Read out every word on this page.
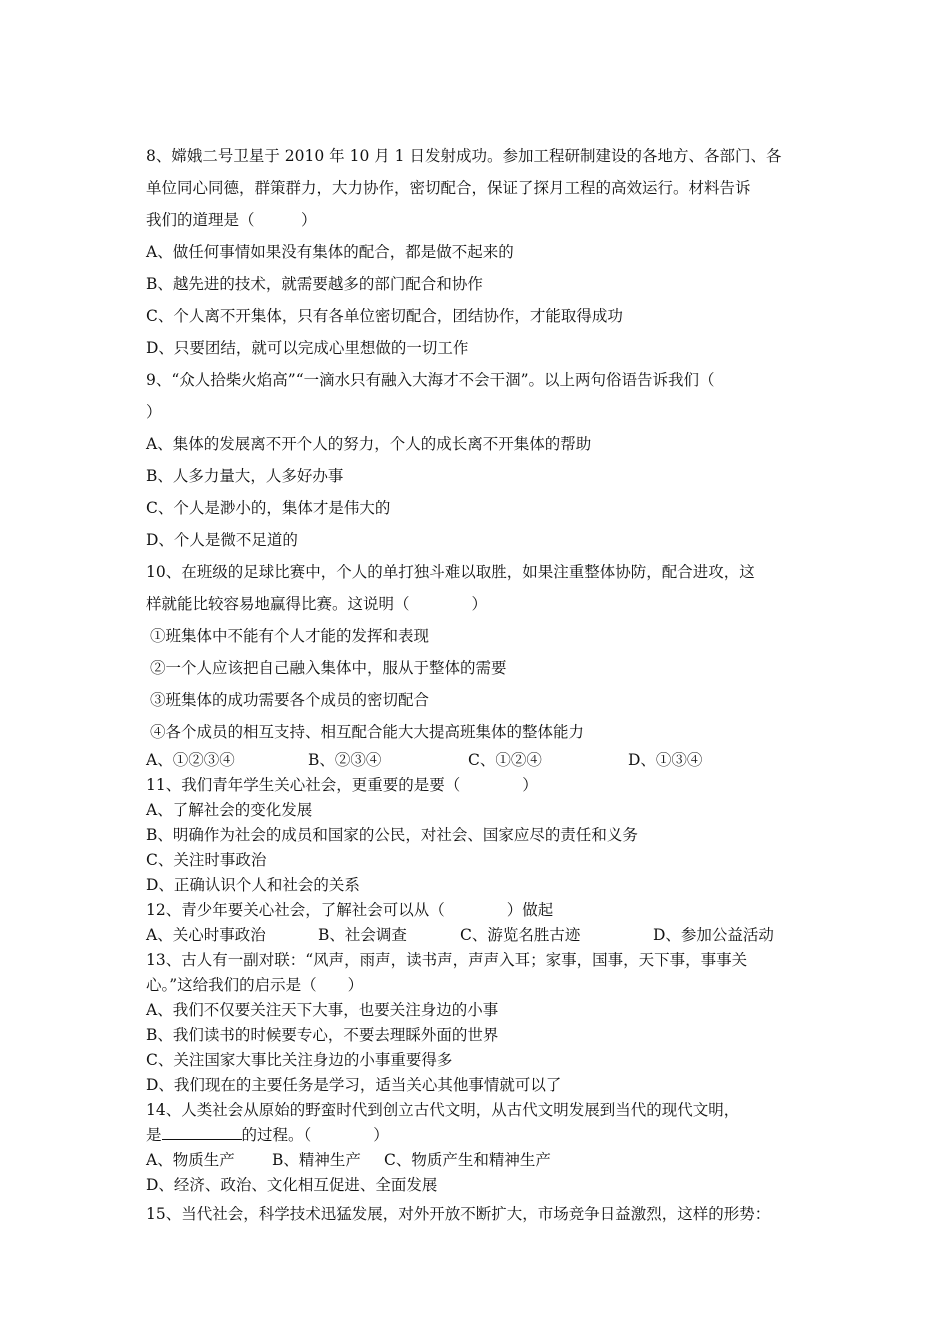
8、嫦娥二号卫星于 2010 年 10 月 1 日发射成功。参加工程研制建设的各地方、各部门、各
单位同心同德，群策群力，大力协作，密切配合，保证了探月工程的高效运行。材料告诉
我们的道理是（　　　）
A、做任何事情如果没有集体的配合，都是做不起来的
B、越先进的技术，就需要越多的部门配合和协作
C、个人离不开集体，只有各单位密切配合，团结协作，才能取得成功
D、只要团结，就可以完成心里想做的一切工作
9、“众人拾柴火焰高”“一滴水只有融入大海才不会干涸”。以上两句俗语告诉我们（
）
A、集体的发展离不开个人的努力，个人的成长离不开集体的帮助
B、人多力量大，人多好办事
C、个人是渺小的，集体才是伟大的
D、个人是微不足道的
10、在班级的足球比赛中，个人的单打独斗难以取胜，如果注重整体协防，配合进攻，这
样就能比较容易地赢得比赛。这说明（　　　　）
①班集体中不能有个人才能的发挥和表现
②一个人应该把自己融入集体中，服从于整体的需要
③班集体的成功需要各个成员的密切配合
④各个成员的相互支持、相互配合能大大提高班集体的整体能力
A、①②③④	B、②③④	C、①②④	D、①③④
11、我们青年学生关心社会，更重要的是要（　　　　）
A、了解社会的变化发展
B、明确作为社会的成员和国家的公民，对社会、国家应尽的责任和义务
C、关注时事政治
D、正确认识个人和社会的关系
12、青少年要关心社会，了解社会可以从（　　　　）做起
A、关心时事政治	B、社会调查	C、游览名胜古迹	D、参加公益活动
13、古人有一副对联：“风声，雨声，读书声，声声入耳；家事，国事，天下事，事事关
心。”这给我们的启示是（　　）
A、我们不仅要关注天下大事，也要关注身边的小事
B、我们读书的时候要专心，不要去理睬外面的世界
C、关注国家大事比关注身边的小事重要得多
D、我们现在的主要任务是学习，适当关心其他事情就可以了
14、人类社会从原始的野蛮时代到创立古代文明，从古代文明发展到当代的现代文明，
是	的过程。（　　　　）
A、物质生产	B、精神生产	C、物质产生和精神生产
D、经济、政治、文化相互促进、全面发展
15、当代社会，科学技术迅猛发展，对外开放不断扩大，市场竞争日益激烈，这样的形势：
